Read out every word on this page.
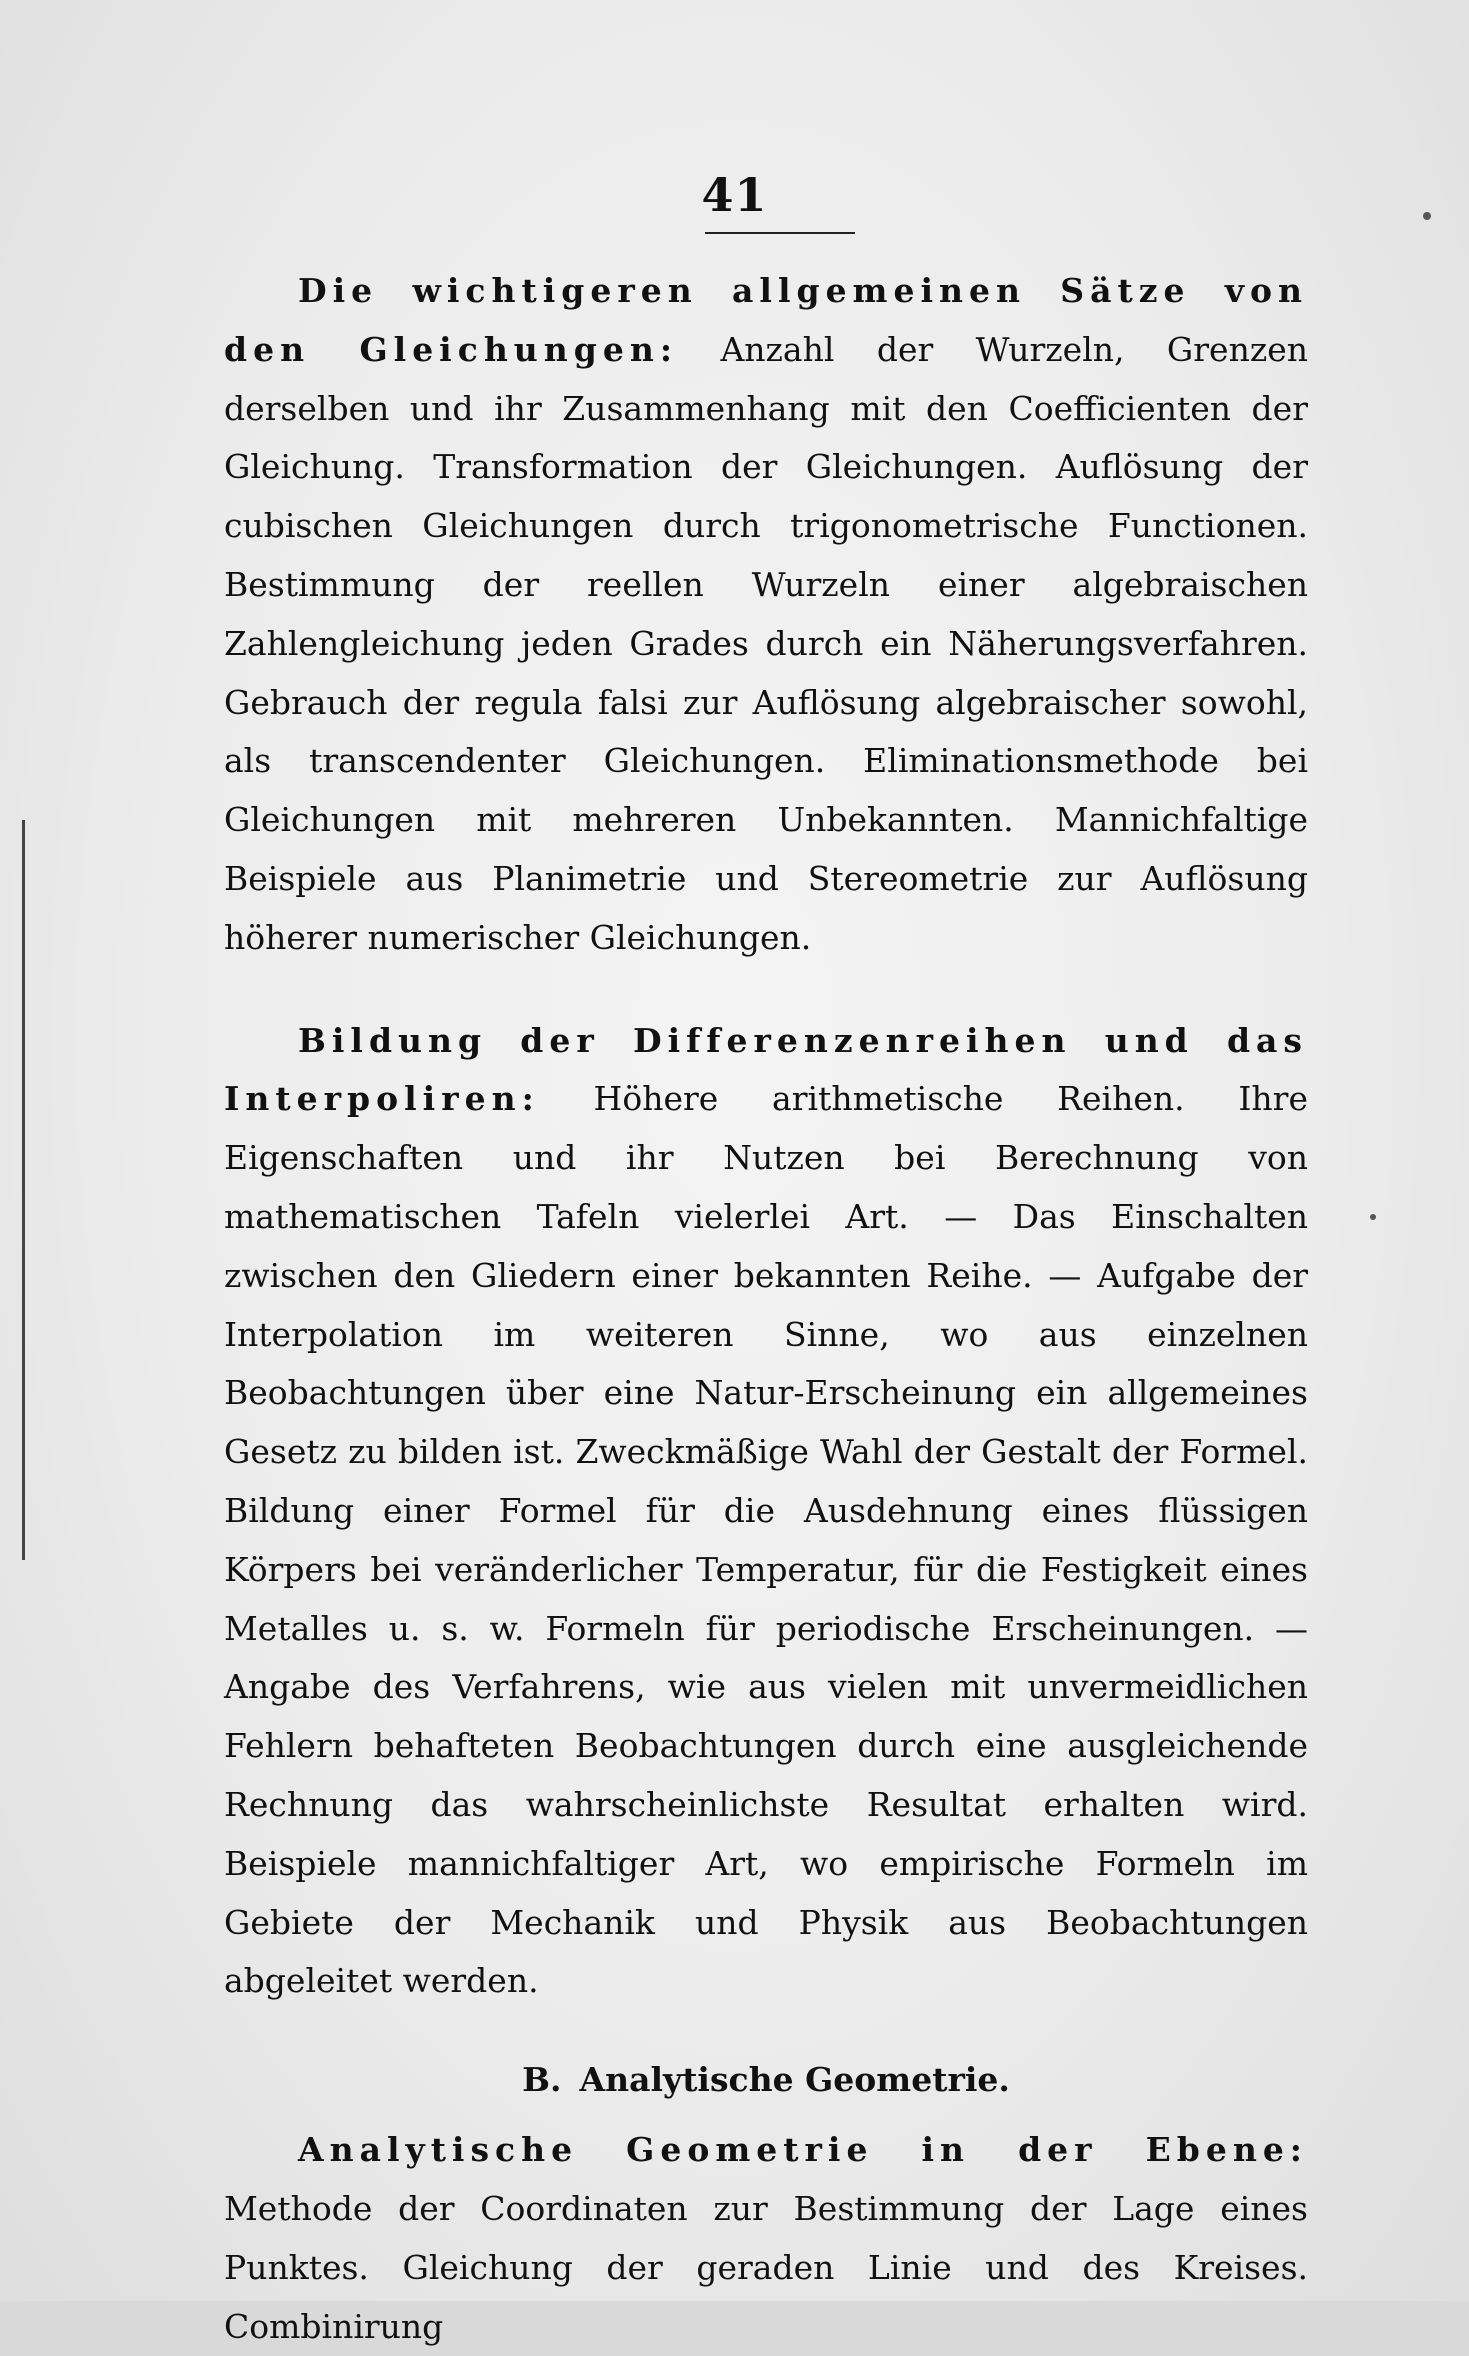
41

Die wichtigeren allgemeinen Sätze von den Gleichungen: Anzahl der Wurzeln, Grenzen derselben und ihr Zusammenhang mit den Coefficienten der Gleichung. Transformation der Gleichungen. Auflösung der cubischen Gleichungen durch trigonometrische Functionen. Bestimmung der reellen Wurzeln einer algebraischen Zahlengleichung jeden Grades durch ein Näherungsverfahren. Gebrauch der regula falsi zur Auflösung algebraischer sowohl, als transcendenter Gleichungen. Eliminationsmethode bei Gleichungen mit mehreren Unbekannten. Mannichfaltige Beispiele aus Planimetrie und Stereometrie zur Auflösung höherer numerischer Gleichungen.

Bildung der Differenzenreihen und das Interpoliren: Höhere arithmetische Reihen. Ihre Eigenschaften und ihr Nutzen bei Berechnung von mathematischen Tafeln vielerlei Art. — Das Einschalten zwischen den Gliedern einer bekannten Reihe. — Aufgabe der Interpolation im weiteren Sinne, wo aus einzelnen Beobachtungen über eine Natur-Erscheinung ein allgemeines Gesetz zu bilden ist. Zweckmäßige Wahl der Gestalt der Formel. Bildung einer Formel für die Ausdehnung eines flüssigen Körpers bei veränderlicher Temperatur, für die Festigkeit eines Metalles u. s. w. Formeln für periodische Erscheinungen. — Angabe des Verfahrens, wie aus vielen mit unvermeidlichen Fehlern behafteten Beobachtungen durch eine ausgleichende Rechnung das wahrscheinlichste Resultat erhalten wird. Beispiele mannichfaltiger Art, wo empirische Formeln im Gebiete der Mechanik und Physik aus Beobachtungen abgeleitet werden.

B. Analytische Geometrie.

Analytische Geometrie in der Ebene: Methode der Coordinaten zur Bestimmung der Lage eines Punktes. Gleichung der geraden Linie und des Kreises. Combinirung
